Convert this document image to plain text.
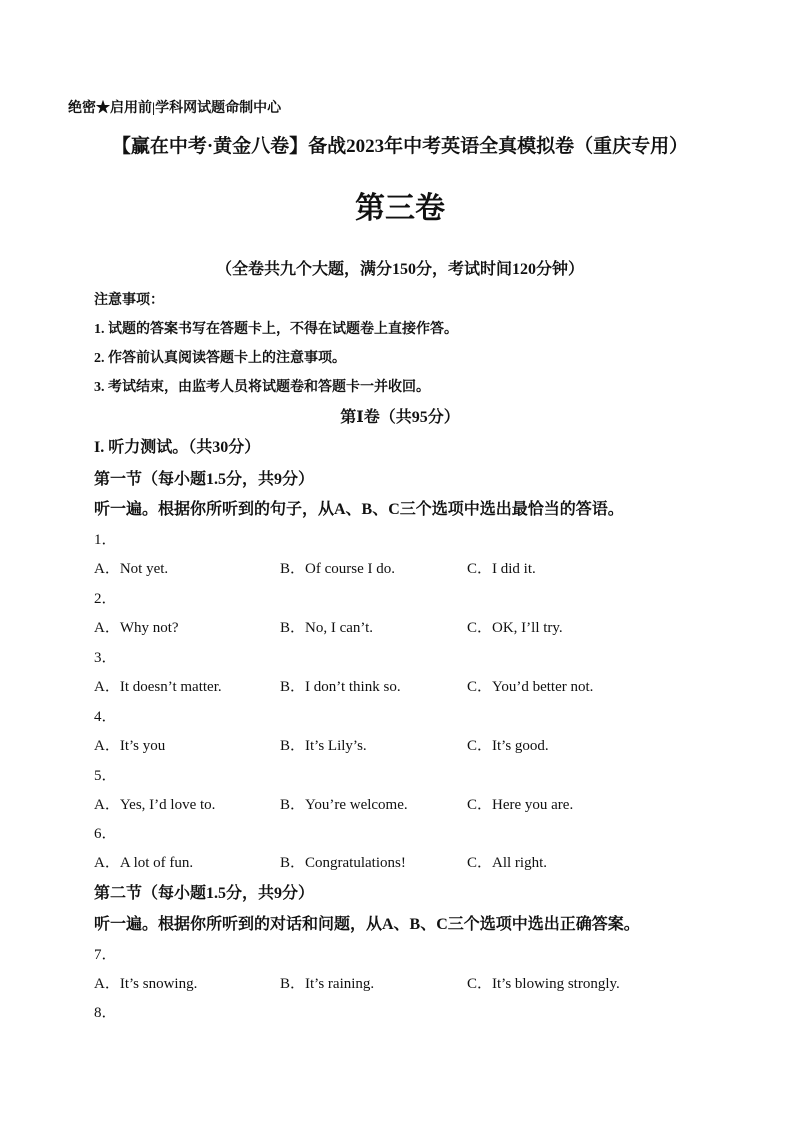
绝密★启用前|学科网试题命制中心
【赢在中考·黄金八卷】备战2023年中考英语全真模拟卷（重庆专用）
第三卷
（全卷共九个大题，满分150分，考试时间120分钟）
注意事项：
1. 试题的答案书写在答题卡上，不得在试题卷上直接作答。
2. 作答前认真阅读答题卡上的注意事项。
3. 考试结束，由监考人员将试题卷和答题卡一并收回。
第Ⅰ卷（共95分）
I. 听力测试。（共30分）
第一节（每小题1.5分，共9分）
听一遍。根据你所听到的句子，从A、B、C三个选项中选出最恰当的答语。
1．
A．Not yet.	B．Of course I do.	C．I did it.
2．
A．Why not?	B．No, I can’t.	C．OK, I’ll try.
3．
A．It doesn’t matter.	B．I don’t think so.	C．You’d better not.
4．
A．It’s you	B．It’s Lily’s.	C．It’s good.
5．
A．Yes, I’d love to.	B．You’re welcome.	C．Here you are.
6．
A．A lot of fun.	B．Congratulations!	C．All right.
第二节（每小题1.5分，共9分）
听一遍。根据你所听到的对话和问题，从A、B、C三个选项中选出正确答案。
7．
A．It’s snowing.	B．It’s raining.	C．It’s blowing strongly.
8．
